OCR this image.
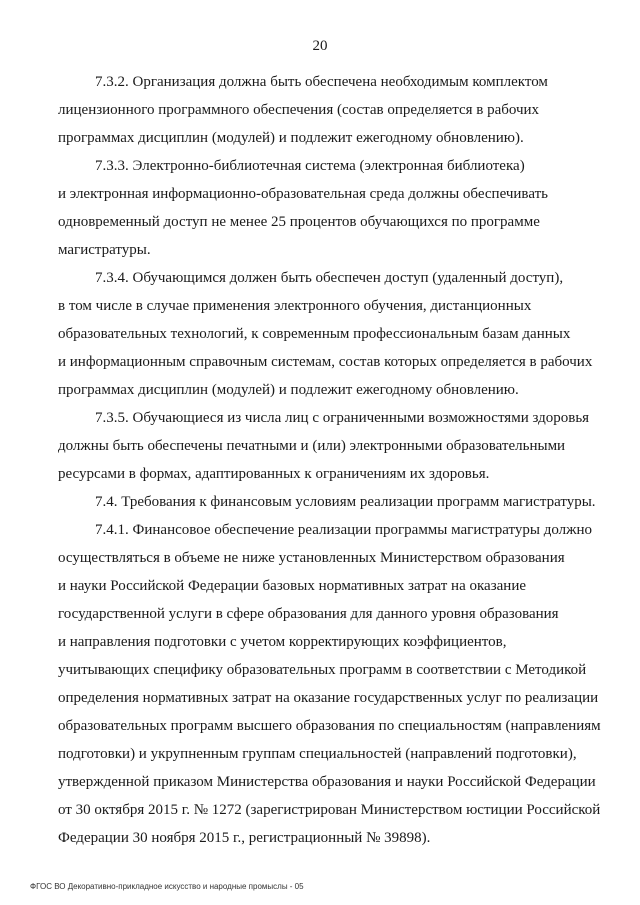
20
7.3.2. Организация должна быть обеспечена необходимым комплектом
лицензионного программного обеспечения (состав определяется в рабочих
программах дисциплин (модулей) и подлежит ежегодному обновлению).
7.3.3. Электронно-библиотечная система (электронная библиотека)
и электронная информационно-образовательная среда должны обеспечивать
одновременный доступ не менее 25 процентов обучающихся по программе
магистратуры.
7.3.4. Обучающимся должен быть обеспечен доступ (удаленный доступ),
в том числе в случае применения электронного обучения, дистанционных
образовательных технологий, к современным профессиональным базам данных
и информационным справочным системам, состав которых определяется в рабочих
программах дисциплин (модулей) и подлежит ежегодному обновлению.
7.3.5. Обучающиеся из числа лиц с ограниченными возможностями здоровья
должны быть обеспечены печатными и (или) электронными образовательными
ресурсами в формах, адаптированных к ограничениям их здоровья.
7.4. Требования к финансовым условиям реализации программ магистратуры.
7.4.1. Финансовое обеспечение реализации программы магистратуры должно
осуществляться в объеме не ниже установленных Министерством образования
и науки Российской Федерации базовых нормативных затрат на оказание
государственной услуги в сфере образования для данного уровня образования
и направления подготовки с учетом корректирующих коэффициентов,
учитывающих специфику образовательных программ в соответствии с Методикой
определения нормативных затрат на оказание государственных услуг по реализации
образовательных программ высшего образования по специальностям (направлениям
подготовки) и укрупненным группам специальностей (направлений подготовки),
утвержденной приказом Министерства образования и науки Российской Федерации
от 30 октября 2015 г. № 1272 (зарегистрирован Министерством юстиции Российской
Федерации 30 ноября 2015 г., регистрационный № 39898).
ФГОС ВО Декоративно-прикладное искусство и народные промыслы - 05
